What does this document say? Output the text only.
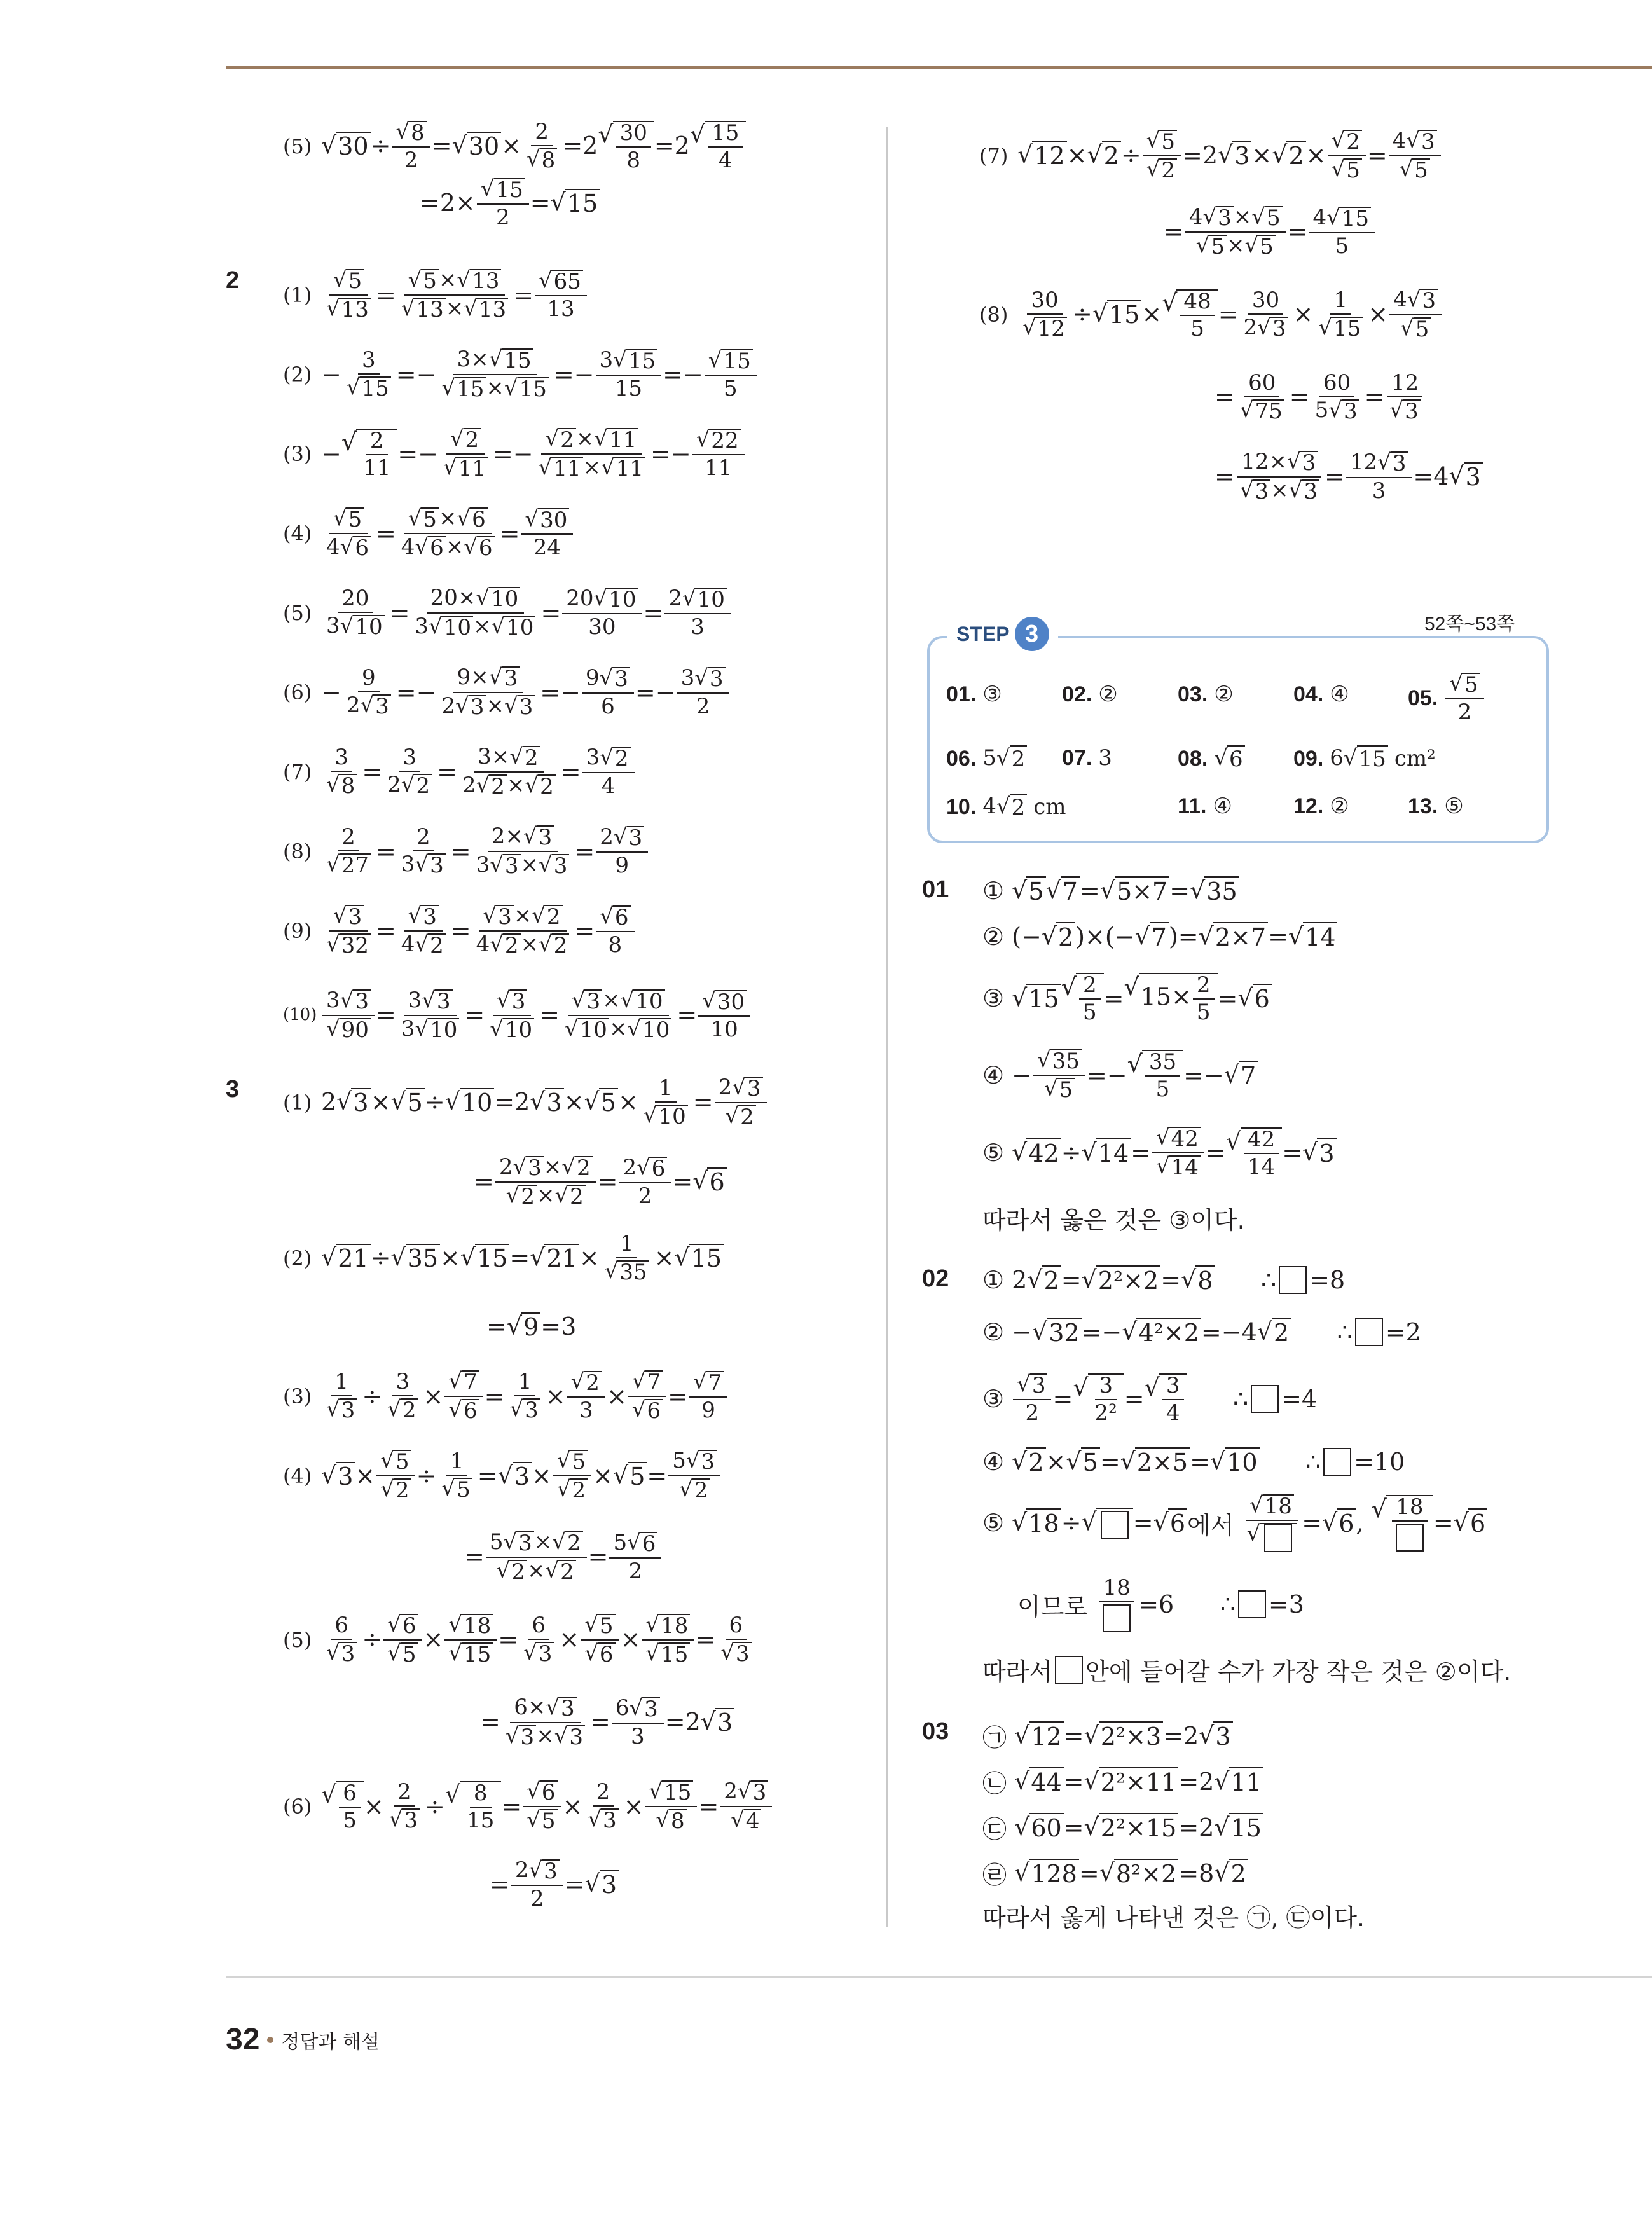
(5)
√	30 ÷
√ $\frac{8}{2}$ =
√ 30 × 2
√ 8 =2
√ $\frac{30}{8} =2$
√ $\frac{15}{4}$
=2×
√ $\frac{15}{2}$ =
√ 15
2
(1)
√ 5
√ 13 =
√ 5 ×
√ 13
√ 13 ×
√ 13 =
√ $\frac{65}{13}$
(2) − 3
√ 15 =− 3×
√ 15
√ 15 ×
√ 15 =− 3
√ 15
15 =−
√ $\frac{15}{5}$
(3) −
√ $\frac{2}{11}$ =−
√ 2
√ 11 =−
√ 2 ×
√ 11
√ 11 ×
√ 11 =−
√ $\frac{22}{11}$
(4)
√ 5
4
√ 6 =
√ 5 ×
√ 6
4
√ 6 ×
√ 6 =
√ $\frac{30}{24}$
(5) 20
3
√ 10 = 20×
√ 10
3
√ 10 ×
√ 10 = 20
√ 10
30 = 2
√ 10
3
(6) − 9
2
√ 3 =− 9×
√ 3
2
√ 3 ×
√ 3 =− 9
√ 3
6 =− 3
√ 3
2
(7) 3
√ 8 = 3
2
√ 2 = 3×
√ 2
2
√ 2 ×
√ 2 = 3
√ 2
4
(8) 2
√ 27 = 2
3
√ 3 = 2×
√ 3
3
√ 3 ×
√ 3 = 2
√ 3
9
(9)
√ 3
√ 32 =
√ 3
4
√ 2 =
√ 3 ×
√ 2
4
√ 2 ×
√ 2 =
√ $\frac{6}{8}$
(10) 3
√ 3
√ 90 = 3
√ 3
3
√ 10 =
√ 3
√ 10 =
√ 3 ×
√ 10
√ 10 ×
√ 10 =
√ $\frac{30}{10}$
3 (1) 2
√ 3 ×
√ 5 ÷
√ 10 =2
√ 3 ×
√ 5 × 1
√ 10 = 2
√ 3
√ 2
= 2
√ 3 ×
√ 2
√ 2 ×
√ 2 = 2
√ 6
2 =
√ 6
(2)
√	21 ÷
√ 35 ×
√ 15 =
√ 21 × 1
√ 35 ×
√ 15
=
√ 9 =3
(3) 1
√ 3 ÷ 3
√ 2 ×
√ 7
√ 6 = 1
√ 3 ×
√ $\frac{2}{3}$ ×
√ 7
√ 6 =
√ $\frac{7}{9}$
(4)
√	3 ×
√ 5
√ 2 ÷ 1
√ 5 =
√ 3 ×
√ 5
√ 2 ×
√ 5 = 5
√ 3
√ 2
= 5
√ 3 ×
√ 2
√ 2 ×
√ 2 = 5
√ 6
2
(5) 6
√ 3 ÷
√ 6
√ 5 ×
√ 18
√ 15 = 6
√ 3 ×
√ 5
√ 6 ×
√ 18
√ 15 = 6
√ 3
= 6×
√ 3
√ 3 ×
√ 3 = 6
√ 3
3 =2
√ 3
(6)
√	$\frac{6}{5} \times 2$
√ 3 ÷
√ $\frac{8}{15}$ =
√ 6
√ 5 × 2
√ 3 ×
√ 15
√ 8 = 2
√ 3
√ 4
= 2
√ 3
2 =
√ 3
(7)
√	12 ×
√ 2 ÷
√ 5
√ 2 =2
√ 3 ×
√ 2 ×
√ 2
√ 5 = 4
√ 3
√ 5
= 4
√ 3 ×
√ 5
√ 5 ×
√ 5 = 4
√ 15
5
(8) 30
√ 12 ÷
√ 15 ×
√ $\frac{48}{5} = 30$
2
√ 3 × 1
√ 15 × 4
√ 3
√ 5
= 60
√ 75 = 60
5
√ 3 = 12
√ 3
= 12×
√ 3
√ 3 ×
√ 3 = 12
√ 3
3 =4
√ 3
STEP 3	52쪽~53쪽
01. ③	02. ②	03. ②	04. ④	05.
√ $\frac{5}{2}$
06. 5
√ 2 07. 3	08.
√ 6 09. 6
√ 15 cm²
10. 4
√ 2 cm	11. ④	12. ②	13. ⑤
01 ①
√ 5
√ 7 =
√ 5×7 =
√ 35
② (−
√ 2 )×(−
√ 7 )=
√ 2×7 =
√ 14
③
√ 15
√ $\frac{2}{5}$ =
√ $15\times \frac{2}{5}$ =
√ 6
④ −
√ 35
√ 5 =−
√ $\frac{35}{5}$ =−
√ 7
⑤
√ 42 ÷
√ 14 =
√ 42
√ 14 =
√ $\frac{42}{14}$ =
√ 3
따라서 옳은 것은 ③이다.
02 ① 2
√ 2 =
√ 2²×2 =
√ 8 ∴ =8
② −
√ 32 =−
√ 4²×2 =−4
√ 2 ∴ =2
③
√ $\frac{3}{2}$ =
√ $\frac{3}{\text{2²}}$ =
√ $\frac{3}{4}$ ∴ =4
④
√ 2 ×
√ 5 =
√ 2×5 =
√ 10 ∴ =10
⑤
√ 18 ÷
√ =
√ 6 에서

√ 18
√
=
√ 6 ,
√ 18
=
√ 6
이므로

18
=6      ∴ =3
따라서 안에 들어갈 수가 가장 작은 것은 ②이다.
03 ㉠
√ 12 =
√ 2²×3 =2
√ 3
㉡
√ 44 =
√ 2²×11 =2
√ 11
㉢
√ 60 =
√ 2²×15 =2
√ 15
㉣
√ 128 =
√ 8²×2 =8
√ 2
따라서 옳게 나타낸 것은 ㉠, ㉢이다.
32 정답과 해설
